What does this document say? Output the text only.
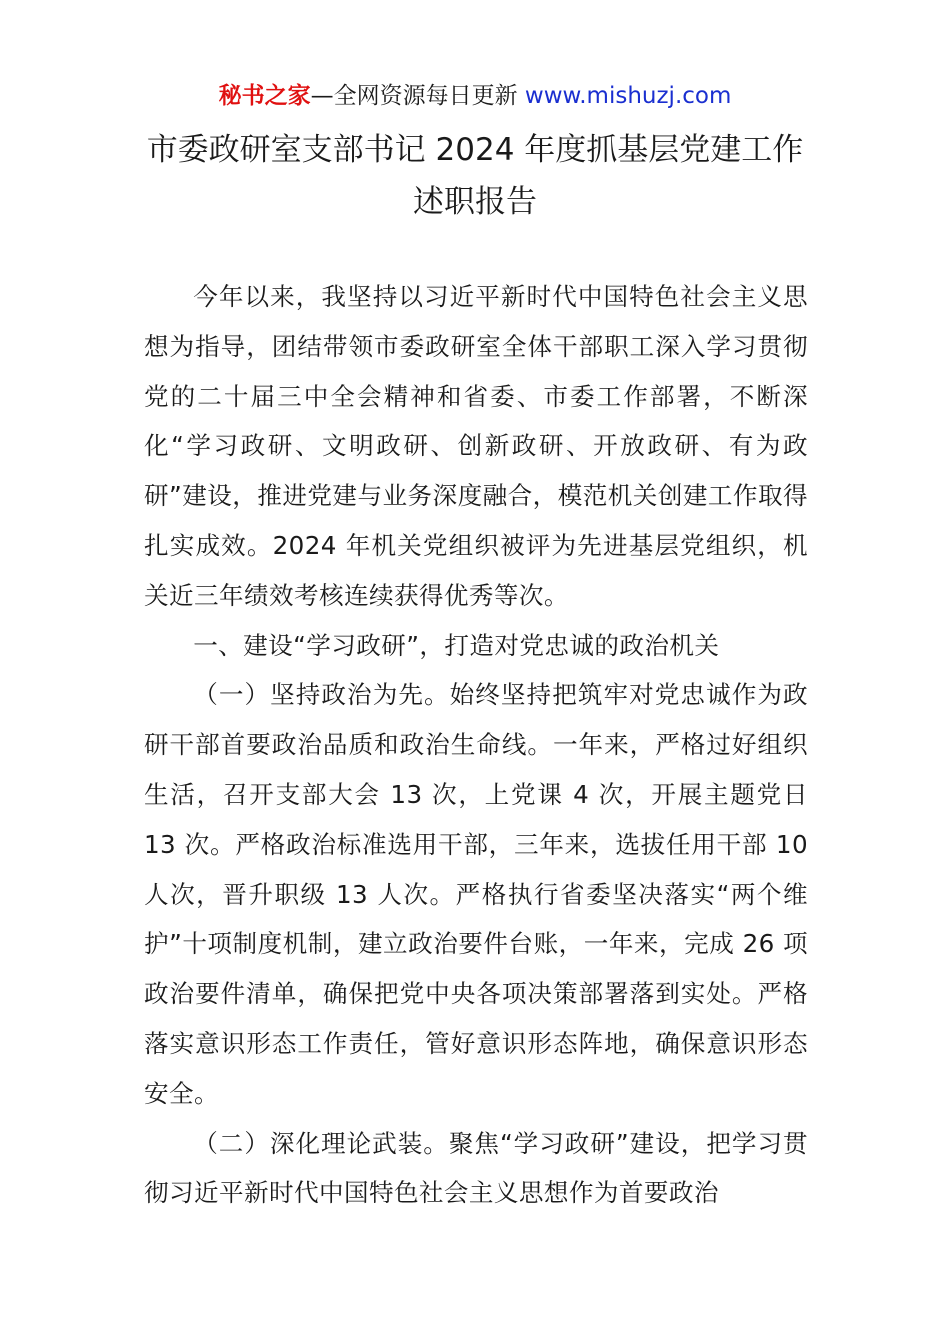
秘书之家—全网资源每日更新 www.mishuzj.com
市委政研室支部书记 2024 年度抓基层党建工作
述职报告

今年以来，我坚持以习近平新时代中国特色社会主义思想为指导，团结带领市委政研室全体干部职工深入学习贯彻党的二十届三中全会精神和省委、市委工作部署，不断深化“学习政研、文明政研、创新政研、开放政研、有为政研”建设，推进党建与业务深度融合，模范机关创建工作取得扎实成效。2024 年机关党组织被评为先进基层党组织，机关近三年绩效考核连续获得优秀等次。

一、建设“学习政研”，打造对党忠诚的政治机关

（一）坚持政治为先。始终坚持把筑牢对党忠诚作为政研干部首要政治品质和政治生命线。一年来，严格过好组织生活，召开支部大会 13 次，上党课 4 次，开展主题党日 13 次。严格政治标准选用干部，三年来，选拔任用干部 10 人次，晋升职级 13 人次。严格执行省委坚决落实“两个维护”十项制度机制，建立政治要件台账，一年来，完成 26 项政治要件清单，确保把党中央各项决策部署落到实处。严格落实意识形态工作责任，管好意识形态阵地，确保意识形态安全。

（二）深化理论武装。聚焦“学习政研”建设，把学习贯彻习近平新时代中国特色社会主义思想作为首要政治
